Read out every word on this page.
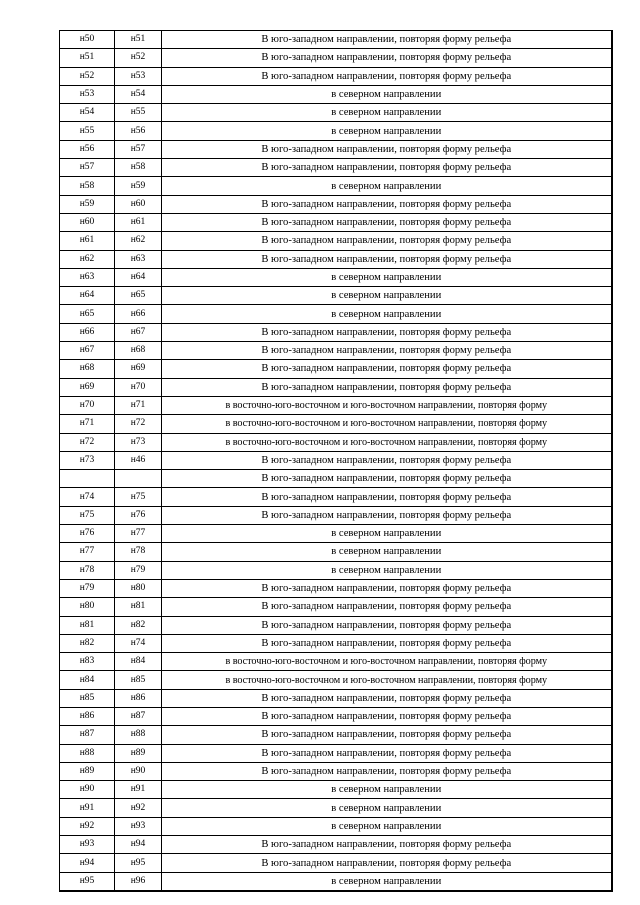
н50	н51	В юго-западном направлении, повторяя форму рельефа
н51	н52	В юго-западном направлении, повторяя форму рельефа
н52	н53	В юго-западном направлении, повторяя форму рельефа
н53	н54	в северном направлении
н54	н55	в северном направлении
н55	н56	в северном направлении
н56	н57	В юго-западном направлении, повторяя форму рельефа
н57	н58	В юго-западном направлении, повторяя форму рельефа
н58	н59	в северном направлении
н59	н60	В юго-западном направлении, повторяя форму рельефа
н60	н61	В юго-западном направлении, повторяя форму рельефа
н61	н62	В юго-западном направлении, повторяя форму рельефа
н62	н63	В юго-западном направлении, повторяя форму рельефа
н63	н64	в северном направлении
н64	н65	в северном направлении
н65	н66	в северном направлении
н66	н67	В юго-западном направлении, повторяя форму рельефа
н67	н68	В юго-западном направлении, повторяя форму рельефа
н68	н69	В юго-западном направлении, повторяя форму рельефа
н69	н70	В юго-западном направлении, повторяя форму рельефа
н70	н71	в восточно-юго-восточном и юго-восточном направлении, повторяя форму
н71	н72	в восточно-юго-восточном и юго-восточном направлении, повторяя форму
н72	н73	в восточно-юго-восточном и юго-восточном направлении, повторяя форму
н73	н46	В юго-западном направлении, повторяя форму рельефа
		В юго-западном направлении, повторяя форму рельефа
н74	н75	В юго-западном направлении, повторяя форму рельефа
н75	н76	В юго-западном направлении, повторяя форму рельефа
н76	н77	в северном направлении
н77	н78	в северном направлении
н78	н79	в северном направлении
н79	н80	В юго-западном направлении, повторяя форму рельефа
н80	н81	В юго-западном направлении, повторяя форму рельефа
н81	н82	В юго-западном направлении, повторяя форму рельефа
н82	н74	В юго-западном направлении, повторяя форму рельефа
н83	н84	в восточно-юго-восточном и юго-восточном направлении, повторяя форму
н84	н85	в восточно-юго-восточном и юго-восточном направлении, повторяя форму
н85	н86	В юго-западном направлении, повторяя форму рельефа
н86	н87	В юго-западном направлении, повторяя форму рельефа
н87	н88	В юго-западном направлении, повторяя форму рельефа
н88	н89	В юго-западном направлении, повторяя форму рельефа
н89	н90	В юго-западном направлении, повторяя форму рельефа
н90	н91	в северном направлении
н91	н92	в северном направлении
н92	н93	в северном направлении
н93	н94	В юго-западном направлении, повторяя форму рельефа
н94	н95	В юго-западном направлении, повторяя форму рельефа
н95	н96	в северном направлении
